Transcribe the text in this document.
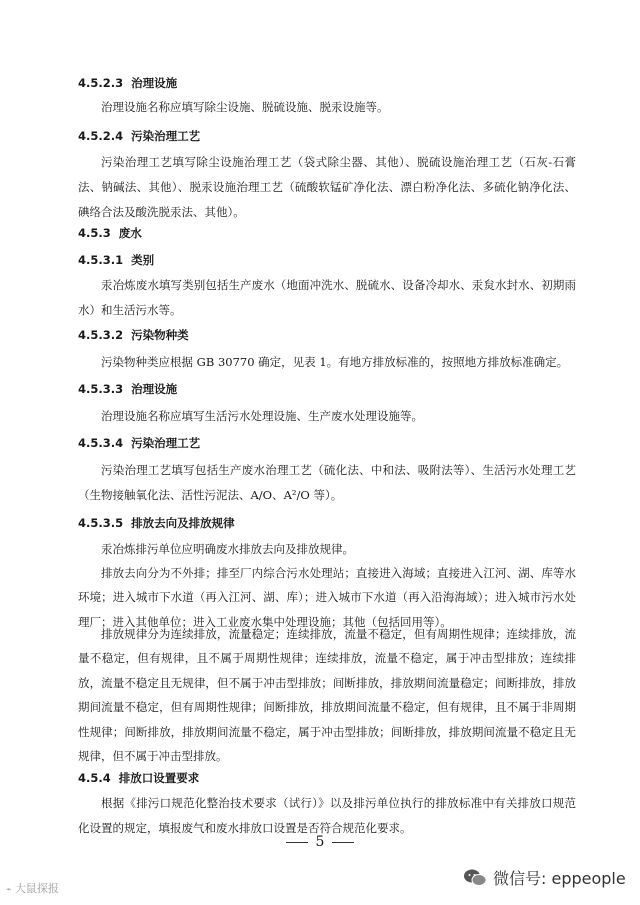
4.5.2.3 治理设施
治理设施名称应填写除尘设施、脱硫设施、脱汞设施等。
4.5.2.4 污染治理工艺
污染治理工艺填写除尘设施治理工艺（袋式除尘器、其他）、脱硫设施治理工艺（石灰-石膏法、钠碱法、其他）、脱汞设施治理工艺（硫酸软锰矿净化法、漂白粉净化法、多硫化钠净化法、碘络合法及酸洗脱汞法、其他）。
4.5.3 废水
4.5.3.1 类别
汞冶炼废水填写类别包括生产废水（地面冲洗水、脱硫水、设备冷却水、汞炱水封水、初期雨水）和生活污水等。
4.5.3.2 污染物种类
污染物种类应根据 GB 30770 确定，见表 1。有地方排放标准的，按照地方排放标准确定。
4.5.3.3 治理设施
治理设施名称应填写生活污水处理设施、生产废水处理设施等。
4.5.3.4 污染治理工艺
污染治理工艺填写包括生产废水治理工艺（硫化法、中和法、吸附法等）、生活污水处理工艺（生物接触氧化法、活性污泥法、A/O、A²/O 等）。
4.5.3.5 排放去向及排放规律
汞冶炼排污单位应明确废水排放去向及排放规律。
排放去向分为不外排；排至厂内综合污水处理站；直接进入海域；直接进入江河、湖、库等水环境；进入城市下水道（再入江河、湖、库）；进入城市下水道（再入沿海海域）；进入城市污水处理厂；进入其他单位；进入工业废水集中处理设施；其他（包括回用等）。
排放规律分为连续排放，流量稳定；连续排放，流量不稳定，但有周期性规律；连续排放，流量不稳定，但有规律，且不属于周期性规律；连续排放，流量不稳定，属于冲击型排放；连续排放，流量不稳定且无规律，但不属于冲击型排放；间断排放，排放期间流量稳定；间断排放，排放期间流量不稳定，但有周期性规律；间断排放，排放期间流量不稳定，但有规律，且不属于非周期性规律；间断排放，排放期间流量不稳定，属于冲击型排放；间断排放，排放期间流量不稳定且无规律，但不属于冲击型排放。
4.5.4 排放口设置要求
根据《排污口规范化整治技术要求（试行）》以及排污单位执行的排放标准中有关排放口规范化设置的规定，填报废气和废水排放口设置是否符合规范化要求。
5
⌁ 大鼠探报
微信号: eppeople
